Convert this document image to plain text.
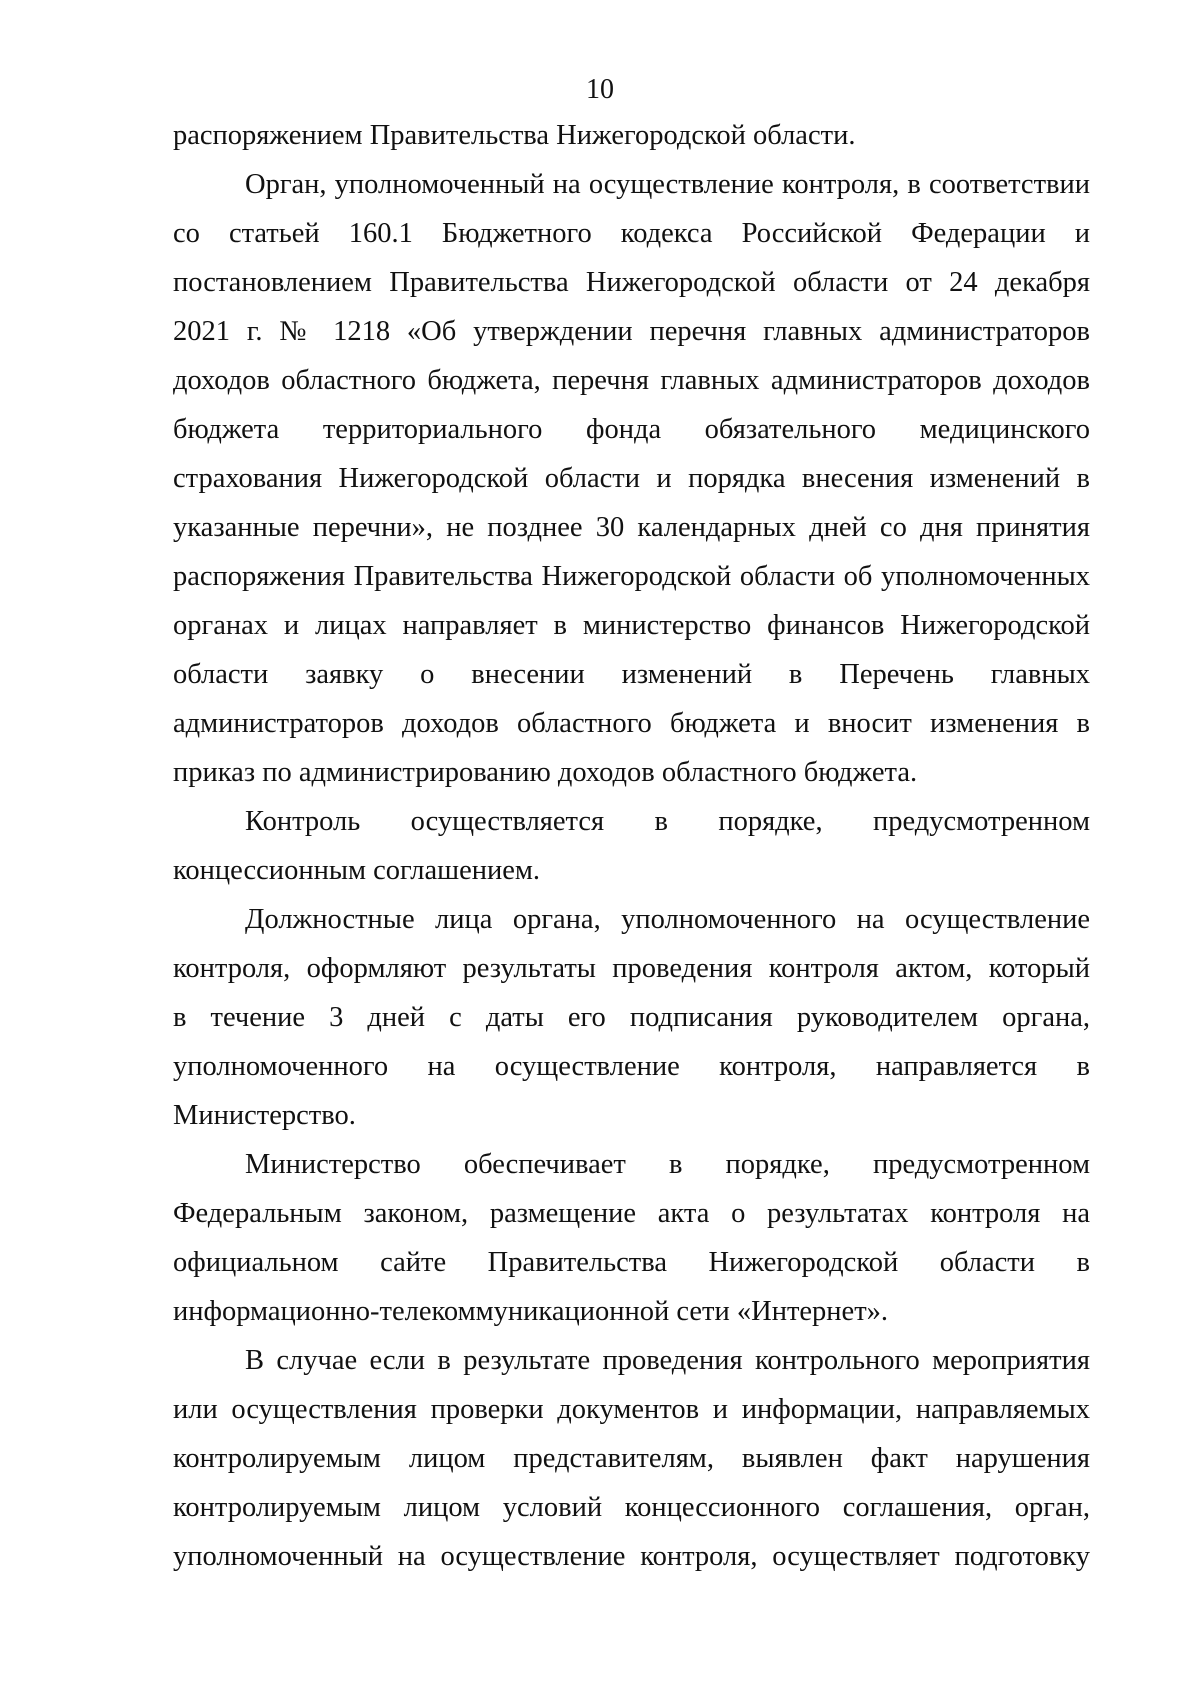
10
распоряжением Правительства Нижегородской области.
Орган, уполномоченный на осуществление контроля, в соответствии
со статьей 160.1 Бюджетного кодекса Российской Федерации и
постановлением Правительства Нижегородской области от 24 декабря
2021 г. № 1218 «Об утверждении перечня главных администраторов
доходов областного бюджета, перечня главных администраторов доходов
бюджета территориального фонда обязательного медицинского
страхования Нижегородской области и порядка внесения изменений в
указанные перечни», не позднее 30 календарных дней со дня принятия
распоряжения Правительства Нижегородской области об уполномоченных
органах и лицах направляет в министерство финансов Нижегородской
области заявку о внесении изменений в Перечень главных
администраторов доходов областного бюджета и вносит изменения в
приказ по администрированию доходов областного бюджета.
Контроль осуществляется в порядке, предусмотренном
концессионным соглашением.
Должностные лица органа, уполномоченного на осуществление
контроля, оформляют результаты проведения контроля актом, который
в течение 3 дней с даты его подписания руководителем органа,
уполномоченного на осуществление контроля, направляется в
Министерство.
Министерство обеспечивает в порядке, предусмотренном
Федеральным законом, размещение акта о результатах контроля на
официальном сайте Правительства Нижегородской области в
информационно-телекоммуникационной сети «Интернет».
В случае если в результате проведения контрольного мероприятия
или осуществления проверки документов и информации, направляемых
контролируемым лицом представителям, выявлен факт нарушения
контролируемым лицом условий концессионного соглашения, орган,
уполномоченный на осуществление контроля, осуществляет подготовку
